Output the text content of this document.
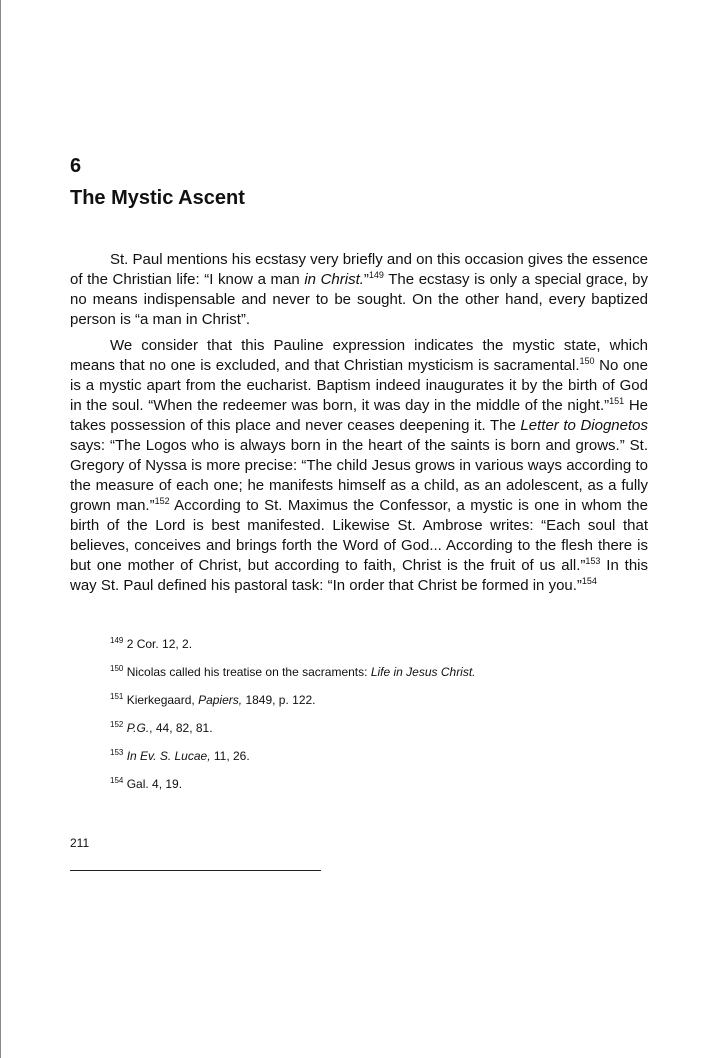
6
The Mystic Ascent

St. Paul mentions his ecstasy very briefly and on this occasion gives the essence of the Christian life: “I know a man in Christ.”$^{149}$ The ecstasy is only a special grace, by no means indispensable and never to be sought. On the other hand, every baptized person is “a man in Christ”.

We consider that this Pauline expression indicates the mystic state, which means that no one is excluded, and that Christian mysticism is sacramental.$^{150}$ No one is a mystic apart from the eucharist. Baptism indeed inaugurates it by the birth of God in the soul. “When the redeemer was born, it was day in the middle of the night.”$^{151}$ He takes possession of this place and never ceases deepening it. The Letter to Diognetos says: “The Logos who is always born in the heart of the saints is born and grows.” St. Gregory of Nyssa is more precise: “The child Jesus grows in various ways according to the measure of each one; he manifests himself as a child, as an adolescent, as a fully grown man.”$^{152}$ According to St. Maximus the Confessor, a mystic is one in whom the birth of the Lord is best manifested. Likewise St. Ambrose writes: “Each soul that believes, conceives and brings forth the Word of God... According to the flesh there is but one mother of Christ, but according to faith, Christ is the fruit of us all.”$^{153}$ In this way St. Paul defined his pastoral task: “In order that Christ be formed in you.”$^{154}$

$^{149}$ 2 Cor. 12, 2.
$^{150}$ Nicolas called his treatise on the sacraments: Life in Jesus Christ.
$^{151}$ Kierkegaard, Papiers, 1849, p. 122.
$^{152}$ P.G., 44, 82, 81.
$^{153}$ In Ev. S. Lucae, 11, 26.
$^{154}$ Gal. 4, 19.
211
